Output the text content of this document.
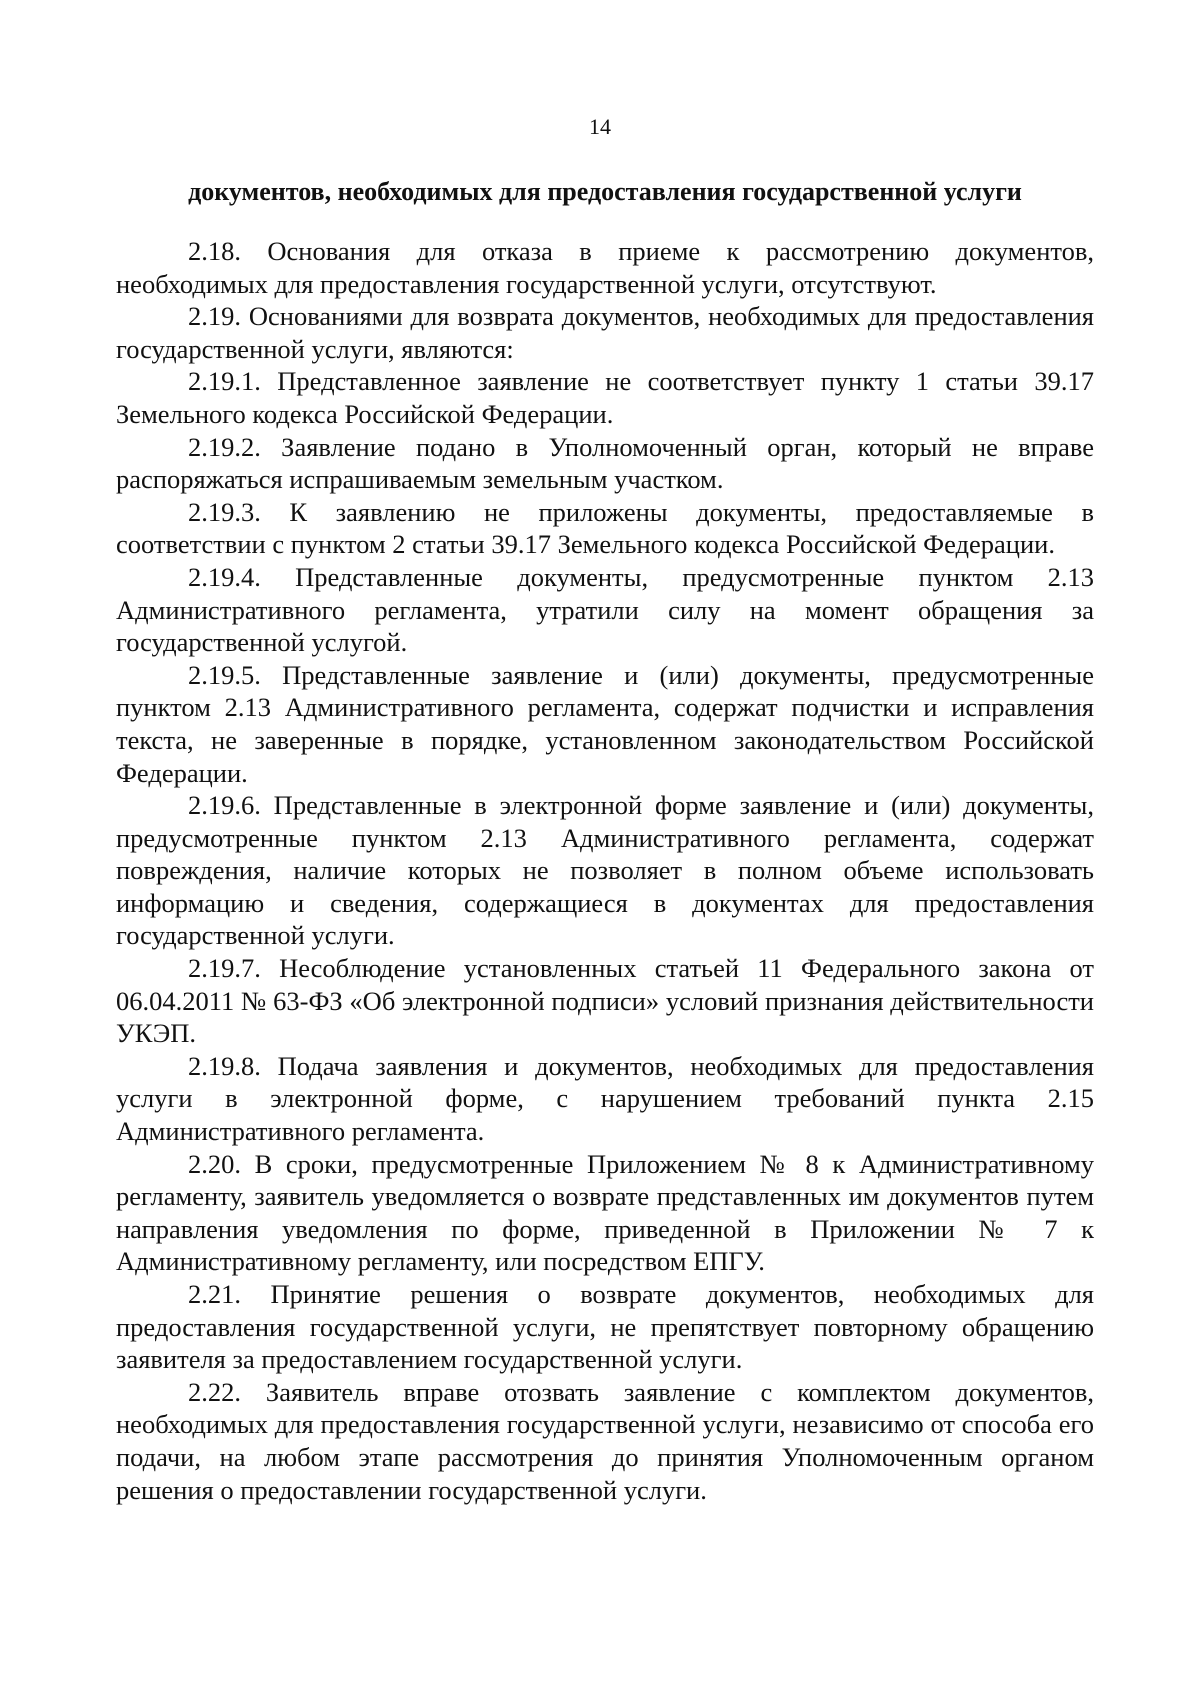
14
документов, необходимых для предоставления государственной услуги

2.18. Основания для отказа в приеме к рассмотрению документов, необходимых для предоставления государственной услуги, отсутствуют.

2.19. Основаниями для возврата документов, необходимых для предоставления государственной услуги, являются:

2.19.1. Представленное заявление не соответствует пункту 1 статьи 39.17 Земельного кодекса Российской Федерации.

2.19.2. Заявление подано в Уполномоченный орган, который не вправе распоряжаться испрашиваемым земельным участком.

2.19.3. К заявлению не приложены документы, предоставляемые в соответствии с пунктом 2 статьи 39.17 Земельного кодекса Российской Федерации.

2.19.4. Представленные документы, предусмотренные пунктом 2.13 Административного регламента, утратили силу на момент обращения за государственной услугой.

2.19.5. Представленные заявление и (или) документы, предусмотренные пунктом 2.13 Административного регламента, содержат подчистки и исправления текста, не заверенные в порядке, установленном законодательством Российской Федерации.

2.19.6. Представленные в электронной форме заявление и (или) документы, предусмотренные пунктом 2.13 Административного регламента, содержат повреждения, наличие которых не позволяет в полном объеме использовать информацию и сведения, содержащиеся в документах для предоставления государственной услуги.

2.19.7. Несоблюдение установленных статьей 11 Федерального закона от 06.04.2011 № 63-ФЗ «Об электронной подписи» условий признания действительности УКЭП.

2.19.8. Подача заявления и документов, необходимых для предоставления услуги в электронной форме, с нарушением требований пункта 2.15 Административного регламента.

2.20. В сроки, предусмотренные Приложением № 8 к Административному регламенту, заявитель уведомляется о возврате представленных им документов путем направления уведомления по форме, приведенной в Приложении № 7 к Административному регламенту, или посредством ЕПГУ.

2.21. Принятие решения о возврате документов, необходимых для предоставления государственной услуги, не препятствует повторному обращению заявителя за предоставлением государственной услуги.

2.22. Заявитель вправе отозвать заявление с комплектом документов, необходимых для предоставления государственной услуги, независимо от способа его подачи, на любом этапе рассмотрения до принятия Уполномоченным органом решения о предоставлении государственной услуги.
